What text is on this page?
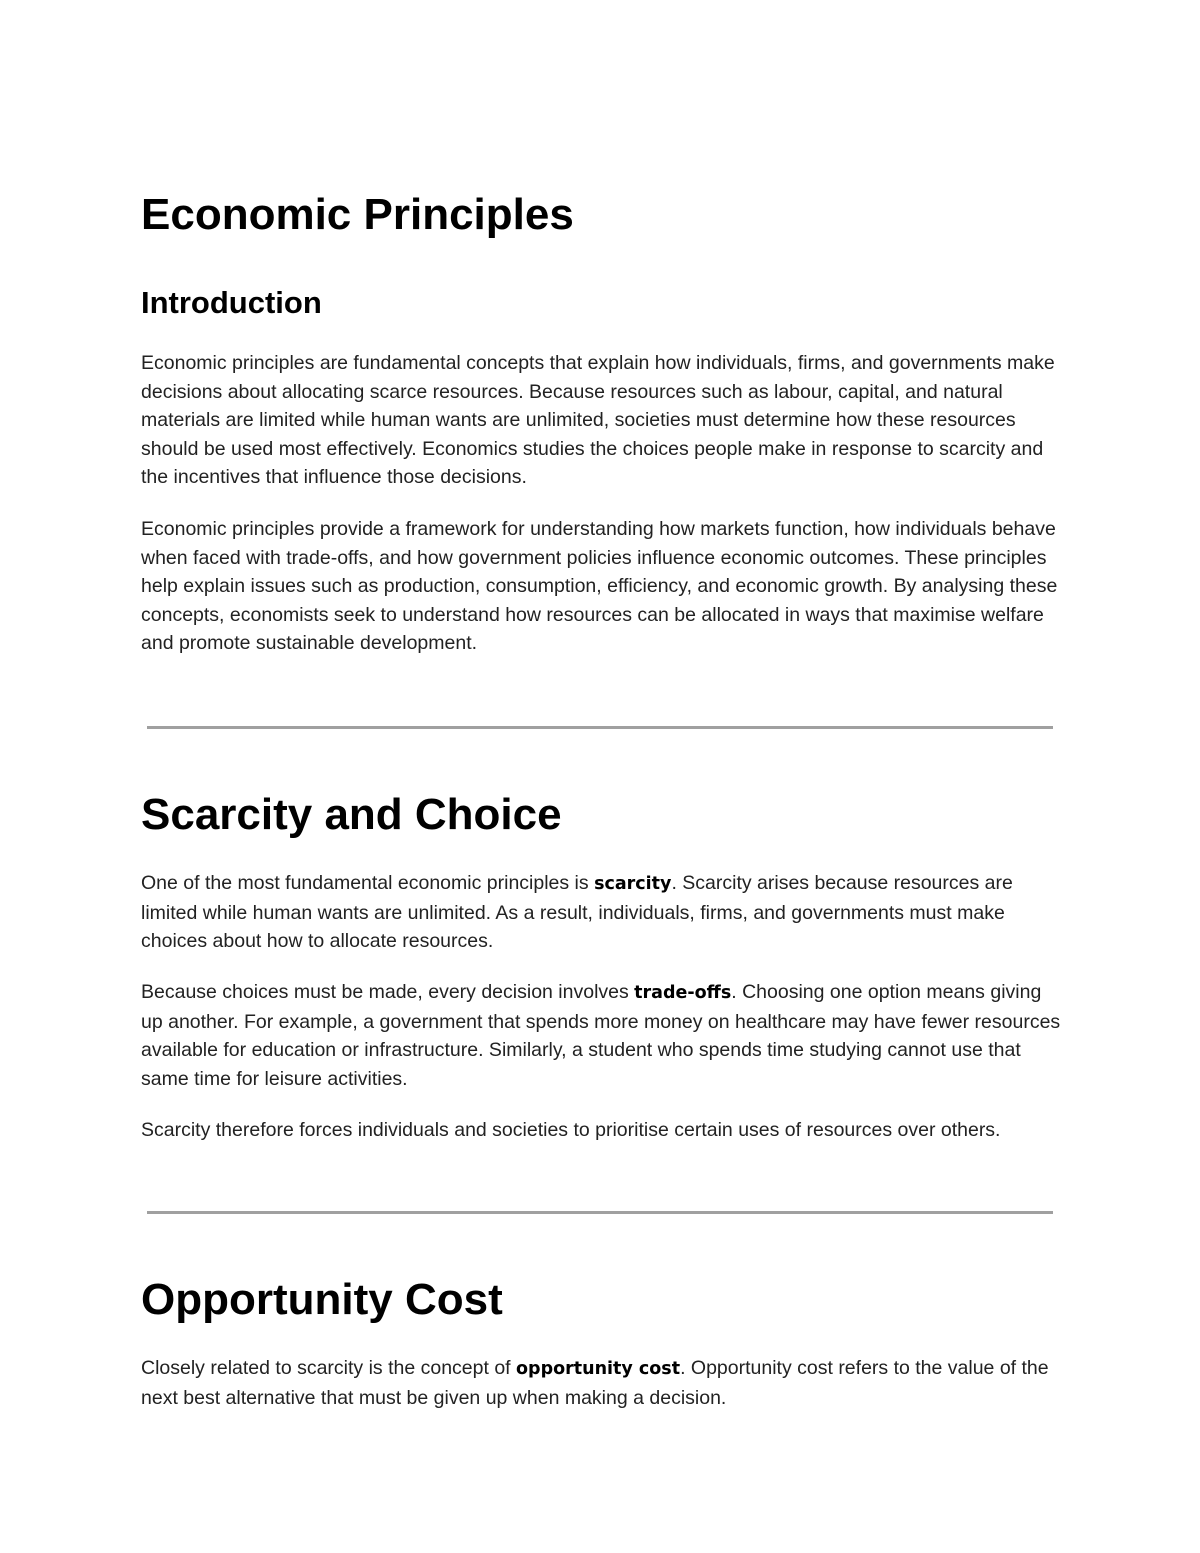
Economic Principles
Introduction

Economic principles are fundamental concepts that explain how individuals, firms, and governments make decisions about allocating scarce resources. Because resources such as labour, capital, and natural materials are limited while human wants are unlimited, societies must determine how these resources should be used most effectively. Economics studies the choices people make in response to scarcity and the incentives that influence those decisions.

Economic principles provide a framework for understanding how markets function, how individuals behave when faced with trade-offs, and how government policies influence economic outcomes. These principles help explain issues such as production, consumption, efficiency, and economic growth. By analysing these concepts, economists seek to understand how resources can be allocated in ways that maximise welfare and promote sustainable development.

Scarcity and Choice

One of the most fundamental economic principles is scarcity. Scarcity arises because resources are limited while human wants are unlimited. As a result, individuals, firms, and governments must make choices about how to allocate resources.

Because choices must be made, every decision involves trade-offs. Choosing one option means giving up another. For example, a government that spends more money on healthcare may have fewer resources available for education or infrastructure. Similarly, a student who spends time studying cannot use that same time for leisure activities.

Scarcity therefore forces individuals and societies to prioritise certain uses of resources over others.

Opportunity Cost

Closely related to scarcity is the concept of opportunity cost. Opportunity cost refers to the value of the next best alternative that must be given up when making a decision.
